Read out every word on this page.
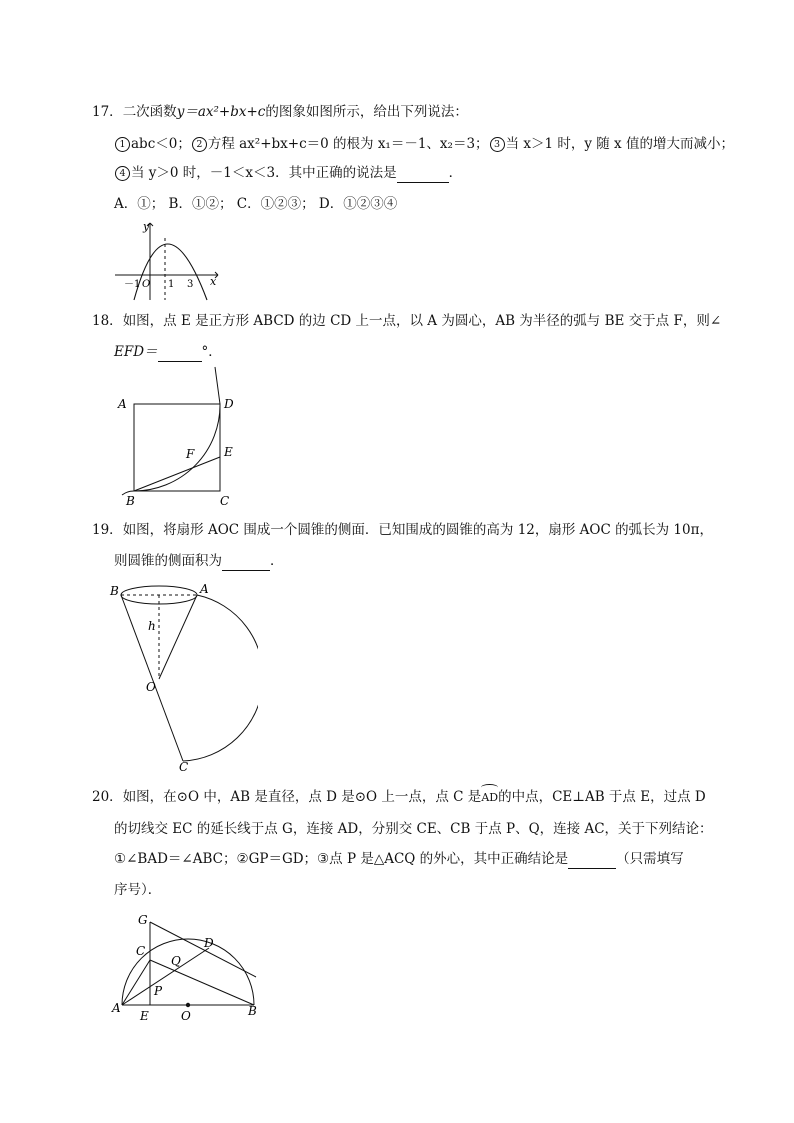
17．二次函数y＝ax²+bx+c的图象如图所示，给出下列说法：
1 abc＜0； 2 方程 ax²+bx+c＝0 的根为 x₁＝－1、x₂＝3； 3 当 x＞1 时，y 随 x 值的增大而减小；
4 当 y＞0 时，－1＜x＜3．其中正确的说法是	．
A．①； B．①②； C．①②③； D．①②③④
y
x
－1 O 1 3
18．如图，点 E 是正方形 ABCD 的边 CD 上一点，以 A 为圆心，AB 为半径的弧与 BE 交于点 F，则∠
EFD＝	°．
A	D
E
F
B	C
19．如图，将扇形 AOC 围成一个圆锥的侧面．已知围成的圆锥的高为 12，扇形 AOC 的弧长为 10π，
则圆锥的侧面积为	．
B	A
h
O
C
20．如图，在⊙O 中，AB 是直径，点 D 是⊙O 上一点，点 C 是
AD的中点，CE⊥AB 于点 E，过点 D
的切线交 EC 的延长线于点 G，连接 AD，分别交 CE、CB 于点 P、Q，连接 AC，关于下列结论：
①∠BAD＝∠ABC；②GP＝GD；③点 P 是△ACQ 的外心，其中正确结论是	（只需填写
序号）．
G
C
D
Q
P
A
E	O	B
